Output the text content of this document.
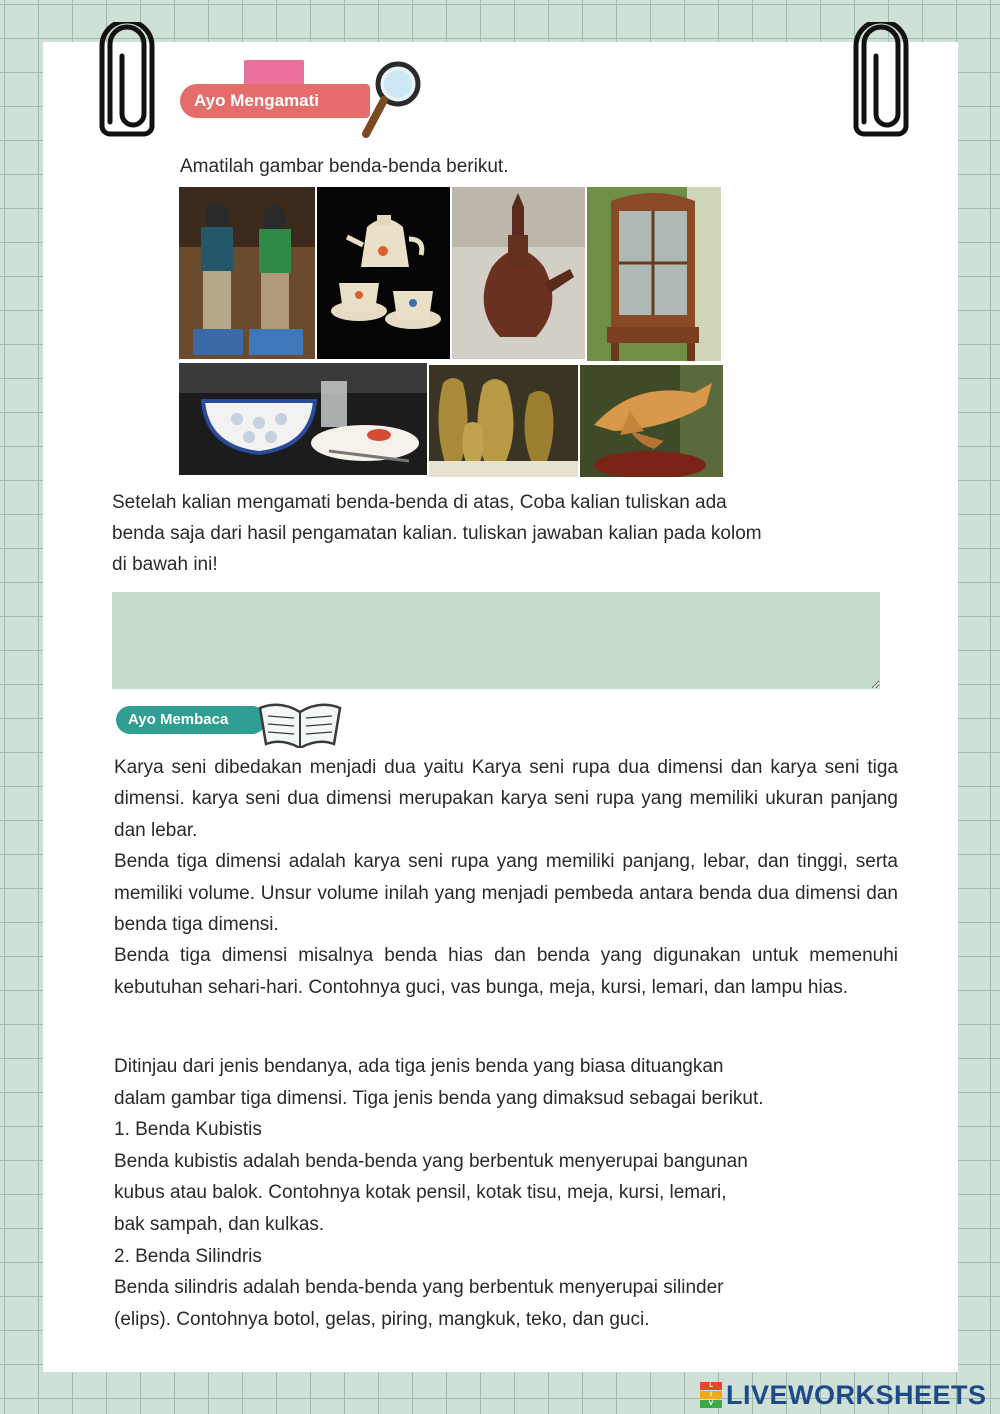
Ayo Mengamati
Amatilah gambar benda-benda berikut.
Setelah kalian mengamati benda-benda di atas, Coba kalian tuliskan ada
benda saja dari hasil pengamatan kalian. tuliskan jawaban kalian pada kolom
di bawah ini!
Ayo Membaca

Karya seni dibedakan menjadi dua yaitu Karya seni rupa dua dimensi dan karya seni tiga dimensi. karya seni dua dimensi merupakan karya seni rupa yang memiliki ukuran panjang dan lebar.

Benda tiga dimensi adalah karya seni rupa yang memiliki panjang, lebar, dan tinggi, serta memiliki volume. Unsur volume inilah yang menjadi pembeda antara benda dua dimensi dan benda tiga dimensi.

Benda tiga dimensi misalnya benda hias dan benda yang digunakan untuk memenuhi kebutuhan sehari-hari. Contohnya guci, vas bunga, meja, kursi, lemari, dan lampu hias.

Ditinjau dari jenis bendanya, ada tiga jenis benda yang biasa dituangkan

dalam gambar tiga dimensi. Tiga jenis benda yang dimaksud sebagai berikut.

1. Benda Kubistis

Benda kubistis adalah benda-benda yang berbentuk menyerupai bangunan

kubus atau balok. Contohnya kotak pensil, kotak tisu, meja, kursi, lemari,

bak sampah, dan kulkas.

2. Benda Silindris

Benda silindris adalah benda-benda yang berbentuk menyerupai silinder

(elips). Contohnya botol, gelas, piring, mangkuk, teko, dan guci.

L
I
V LIVEWORKSHEETS
